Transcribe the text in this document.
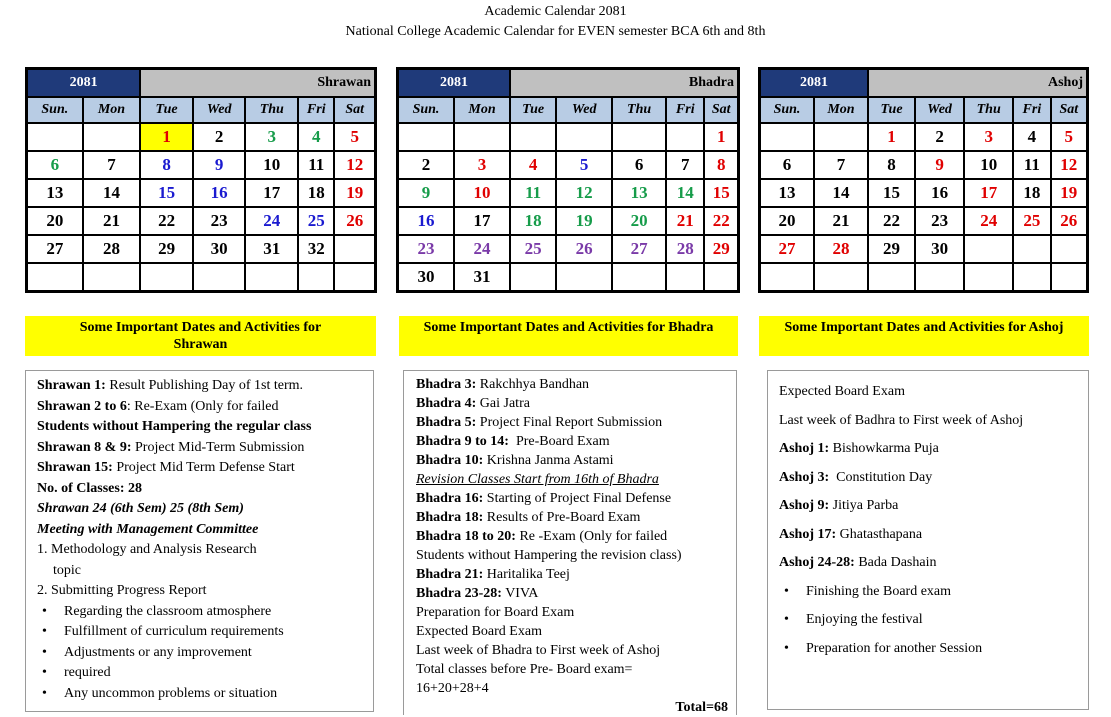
Academic Calendar 2081
National College Academic Calendar for EVEN semester BCA 6th and 8th
2081		Shrawan				
Sun.	Mon	Tue	Wed	Thu	Fri	Sat
		1	2	3	4	5
6	7	8	9	10	11	12
13	14	15	16	17	18	19
20	21	22	23	24	25	26
27	28	29	30	31	32	

2081		Bhadra				
Sun.	Mon	Tue	Wed	Thu	Fri	Sat
						1
2	3	4	5	6	7	8
9	10	11	12	13	14	15
16	17	18	19	20	21	22
23	24	25	26	27	28	29
30	31					
2081		Ashoj				
Sun.	Mon	Tue	Wed	Thu	Fri	Sat
		1	2	3	4	5
6	7	8	9	10	11	12
13	14	15	16	17	18	19
20	21	22	23	24	25	26
27	28	29	30			

Some Important Dates and Activities for Shrawan
Some Important Dates and Activities for Bhadra	Some Important Dates and Activities for Ashoj
Shrawan 1: Result Publishing Day of 1st term.
Shrawan 2 to 6: Re-Exam (Only for failed
Students without Hampering the regular class
Shrawan 8 & 9: Project Mid-Term Submission
Shrawan 15: Project Mid Term Defense Start
No. of Classes: 28
Shrawan 24 (6th Sem) 25 (8th Sem)
Meeting with Management Committee
1. Methodology and Analysis Research
topic
2. Submitting Progress Report
• Regarding the classroom atmosphere
• Fulfillment of curriculum requirements
• Adjustments or any improvement
• required
• Any uncommon problems or situation
Bhadra 3: Rakchhya Bandhan
Bhadra 4: Gai Jatra
Bhadra 5: Project Final Report Submission
Bhadra 9 to 14:  Pre-Board Exam
Bhadra 10: Krishna Janma Astami
Revision Classes Start from 16th of Bhadra
Bhadra 16: Starting of Project Final Defense
Bhadra 18: Results of Pre-Board Exam
Bhadra 18 to 20: Re -Exam (Only for failed
Students without Hampering the revision class)
Bhadra 21: Haritalika Teej
Bhadra 23-28: VIVA
Preparation for Board Exam
Expected Board Exam
Last week of Bhadra to First week of Ashoj
Total classes before Pre- Board exam=
16+20+28+4
Total=68
Expected Board Exam
Last week of Badhra to First week of Ashoj
Ashoj 1: Bishowkarma Puja
Ashoj 3:  Constitution Day
Ashoj 9: Jitiya Parba
Ashoj 17: Ghatasthapana
Ashoj 24-28: Bada Dashain
• Finishing the Board exam
• Enjoying the festival
• Preparation for another Session
